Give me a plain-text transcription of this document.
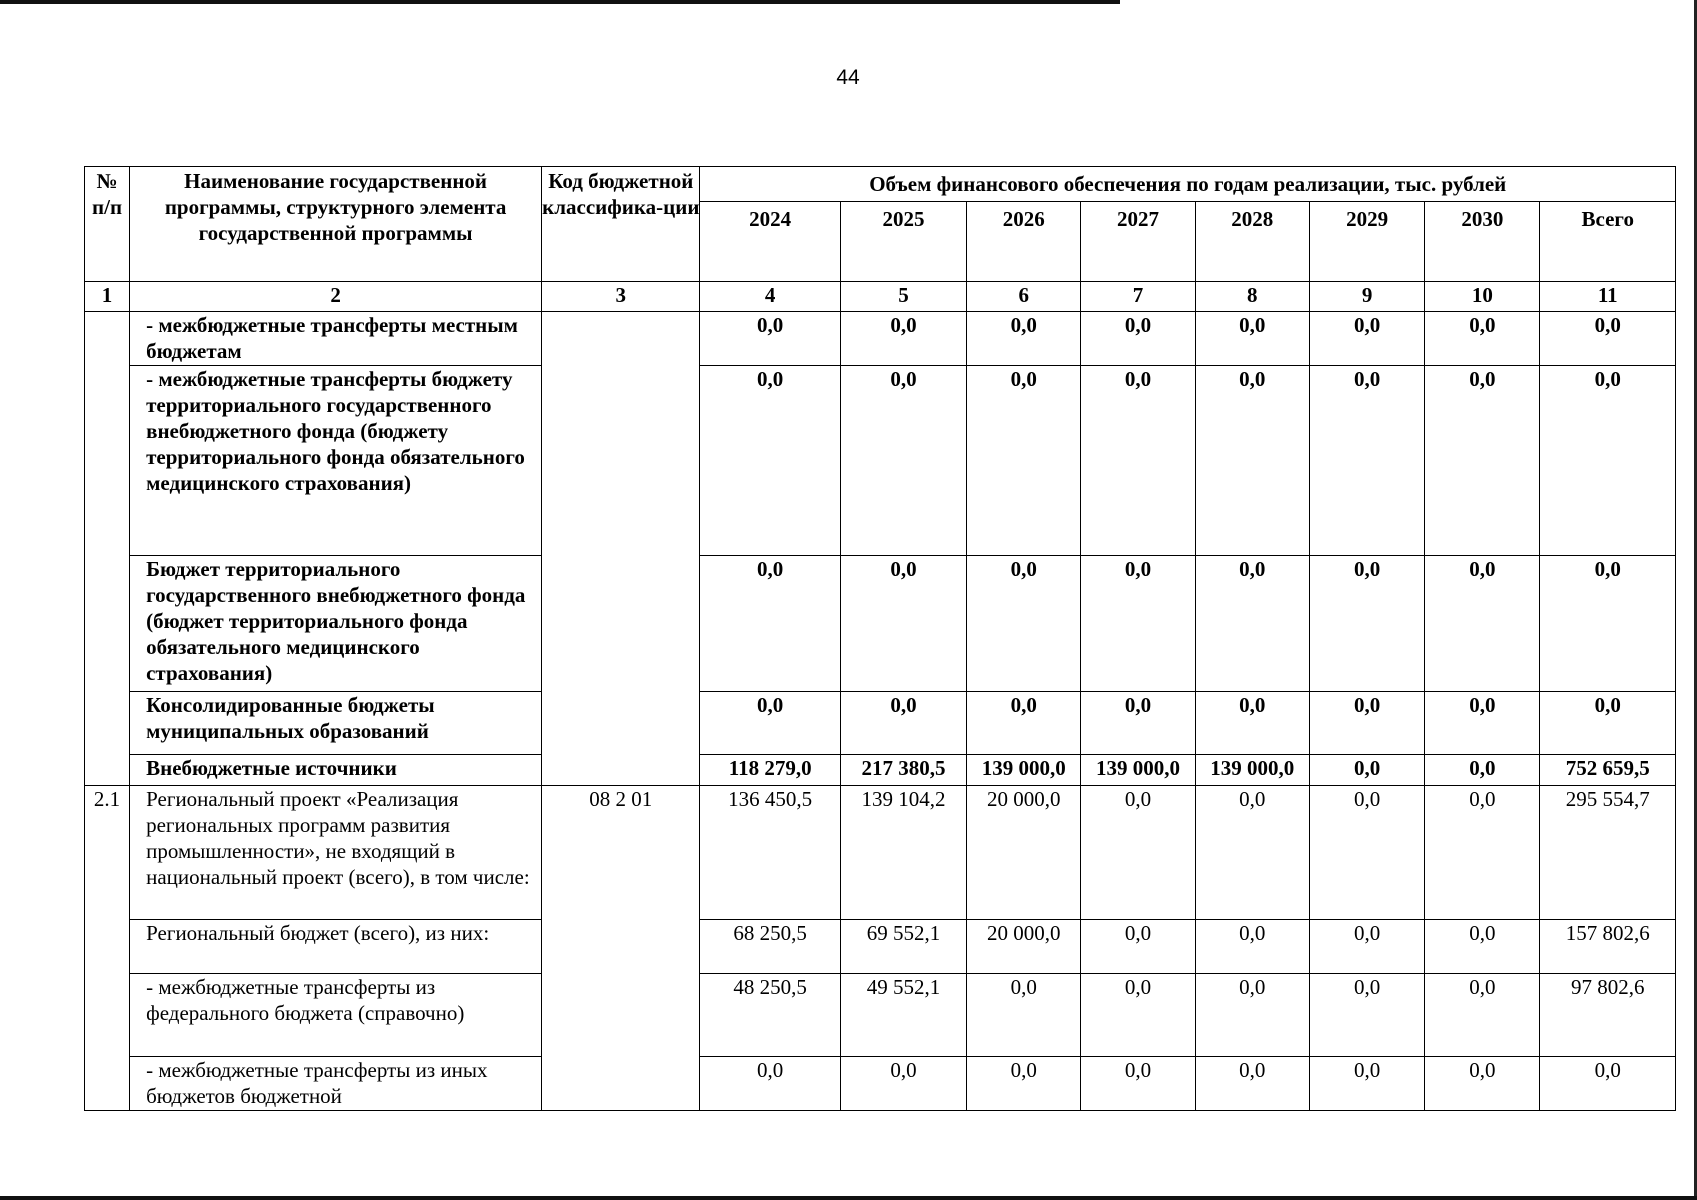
44
№
п/п	Наименование государственной программы, структурного элемента государственной программы	Код бюджетной классифика-ции	Объем финансового обеспечения по годам реализации, тыс. рублей							
			2024	2025	2026	2027	2028	2029	2030	Всего
1	2	3	4	5	6	7	8	9	10	11
	- межбюджетные трансферты местным бюджетам		0,0	0,0	0,0	0,0	0,0	0,0	0,0	0,0
	- межбюджетные трансферты бюджету территориального государственного внебюджетного фонда (бюджету территориального фонда обязательного медицинского страхования)		0,0	0,0	0,0	0,0	0,0	0,0	0,0	0,0
	Бюджет территориального государственного внебюджетного фонда (бюджет территориального фонда обязательного медицинского страхования)		0,0	0,0	0,0	0,0	0,0	0,0	0,0	0,0
	Консолидированные бюджеты муниципальных образований		0,0	0,0	0,0	0,0	0,0	0,0	0,0	0,0
	Внебюджетные источники		118 279,0	217 380,5	139 000,0	139 000,0	139 000,0	0,0	0,0	752 659,5
2.1	Региональный проект «Реализация региональных программ развития промышленности», не входящий в национальный проект (всего), в том числе:	08 2 01	136 450,5	139 104,2	20 000,0	0,0	0,0	0,0	0,0	295 554,7
	Региональный бюджет (всего), из них:		68 250,5	69 552,1	20 000,0	0,0	0,0	0,0	0,0	157 802,6
	- межбюджетные трансферты из федерального бюджета (справочно)		48 250,5	49 552,1	0,0	0,0	0,0	0,0	0,0	97 802,6
	- межбюджетные трансферты из иных бюджетов бюджетной		0,0	0,0	0,0	0,0	0,0	0,0	0,0	0,0
